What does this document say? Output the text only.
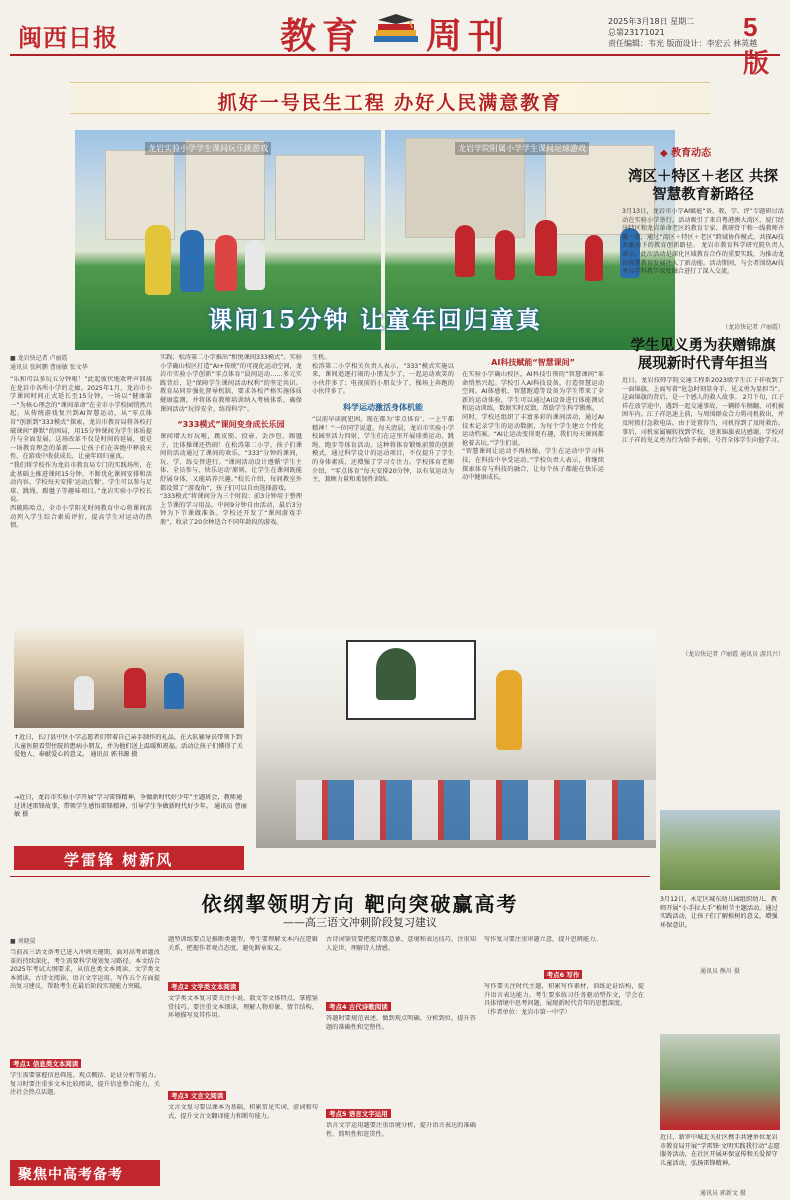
闽西日报	教育 周刊	2025年3月18日 星期二
总第23171021
责任编辑：韦光 版面设计：李宏云 林英越
5版
抓好一号民生工程 办好人民满意教育
龙岩实验小学学生课间玩乐跳游戏	龙岩学院附属小学学生课间足球游戏
课间15分钟 让童年回归童真
◆ 教育动态
湾区＋特区＋老区 共探智慧教育新路径
3月13日，龙岩市小学AI赋能“备、教、学、评”专题研讨活动在实验小学举行。活动吸引了来自粤港澳大湾区、厦门经济特区和龙岩革命老区的教育专家、教研骨干和一线教师齐聚一堂，通过“湾区＋特区＋老区”跨域协作模式，共探AI技术驱动下的教育创新路径。 龙岩市教育科学研究院负责人表示，此次活动是深化区域教育合作的重要实践，为推动龙岩智慧教育发展注入了新动能。活动期间，与会者围绕AI技术与学科教学深度融合进行了深入交流。
（龙岩快记者 卢丽霞）
学生见义勇为获赠锦旗 展现新时代青年担当
近日，龙岩技师学院交通工程系2023级学生江子祥收到了一面锦旗，上面写着“危急时刻显身手，见义勇为显担当”。这面锦旗的背后，是一个感人的救人故事。 2月下旬，江子祥在放学途中，遇到一起交通事故，一辆轿车侧翻，司机被困车内。江子祥迅速上前，与周围群众合力将司机救出，并及时拨打急救电话。由于处置得当，司机得到了及时救治。 事后，司机家属辗转找到学校，送来锦旗表达感谢。学校对江子祥的见义勇为行为给予表彰，号召全体学生向他学习。
（龙岩快记者 卢丽霞 通讯员 游昌兴）
3月12日，永定区城东幼儿园组织幼儿、教师开展“小手拉大手”植树节主题活动。通过实践活动，让孩子们了解植树的意义，增强环保意识。
通讯员 熊川 摄
近日，新罗中城北关社区携手共建单位龙岩市教育局开展“学雷锋·文明实践我行动”志愿服务活动，在社区开展环保宣传和关爱留守儿童活动，弘扬雷锋精神。
通讯员 郭新文 摄
■ 龙岩快记者 卢丽霞
通讯员 张阿鹏 曹丽敏 张文华
“乐和可以多玩五分钟啦！”此起彼伏地欢呼声回荡在龙岩市各所小学的走廊。2025年1月，龙岩市小学课间时间正式延长至15分钟。一场以“健康第一”为核心理念的“课间革命”在全市小学校园悄然兴起。从传统游戏复兴到AI智慧运动，从“零点体育”创新到“333模式”探索，龙岩市教育局将各校打破课间“静默”的困局，用15分钟课间为学生体质提升与全面发展。这场改革不仅是时间的延展，更是一场教育理念的革新——让孩子们在奔跑中释放天性，在游戏中收获成长，让童年回归童真。
“我们将学校作为龙岩市教育局专门的实践场所，在此基础上推进课间15分钟，不断优化课间安排和活动内容。学校每天安排‘运动点餐’，学生可以参与足球、跳绳、踢毽子等趣味项目。”龙岩实验小学校长说。
西陂陈哈点，全市小学阳光时间教育中心将课间活动列入学生综合素质评价，提高学生对运动的热情。
实践；松涛第二小学推出“和悦课间333模式”。实验小学确山校区打造“AI+传统”的可视化运动空间，龙岩市实验小学创新“零点体育”晨间运动……多元实践背后，是“保障学生课间活动权利”的坚定共识。教育局同步强化督导机制，要求各校严格实施体质健康监测，并将体育教师培训纳入考核体系，确保课间活动“玩得安全、练得科学”。
“333模式”课间变身成长乐园
课间增大好玩啦，跳皮筋、投壶、丢沙包、踢毽子，比体操课还热闹！在松涛第二小学，孩子们课间的活动通过了课间的欢乐。“333”分钟的课间，玩、学、练交替进行。“课间活动设计遵循‘学生主体、全员参与、快乐运动’原则，让学生在课间既能舒展身体，又能培养兴趣。”校长介绍，每间教室外都设置了“游戏角”，孩子们可以自由选择游戏。
“333模式”将课间分为三个时段：前3分钟用于整理上节课的学习用品，中间9分钟自由活动，最后3分钟为下节课做准备。学校还开发了“课间游戏手册”，收录了20余种适合不同年龄段的游戏。
生机。
松涛第二小学相关负责人表示，“333”模式实施以来，课间追逐打闹的小朋友少了，一起运动欢笑的小伙伴多了；电视前的小朋友少了，操场上奔跑的小伙伴多了。
科学运动激活身体机能
“以前早读就犯困，现在都为‘零点体育’，一上午都精神！”一位同学说道。每天清晨，龙岩市实验小学校园里活力四射，学生们在这里开展球类运动、跳绳、跑步等体育活动。这种将体育锻炼前置的创新模式，通过科学设计的运动项目，不仅提升了学生的身体素质，还增强了学习专注力。学校体育老师介绍，“零点体育”每天安排20分钟，以有氧运动为主，兼顾力量和柔韧性训练。
AI科技赋能“智慧课间”
在实验小学确山校区，AI科技引领的“智慧课间”革命悄然兴起。学校引入AI科技设备，打造智慧运动空间。AI体感机、智慧跑道等设备为学生带来了全新的运动体验，学生可以通过AI设备进行体能测试和运动训练，数据实时反馈，帮助学生科学锻炼。
同时，学校还组织了丰富多彩的课间活动，通过AI技术记录学生的运动数据，为每个学生建立个性化运动档案。“AI让运动变得更有趣，我们每天课间都抢着去玩。”学生们说。
“智慧课间让运动不再枯燥，学生在运动中学习科技，在科技中享受运动。”学校负责人表示，将继续探索体育与科技的融合，让每个孩子都能在快乐运动中健康成长。
↑近日，长汀县中区小学志愿者们带着自己亲手制作的礼品，在大队辅导员带领下到儿童医院看望住院的患病小朋友，并为他们送上温暖和祝福。活动让孩子们懂得了关爱他人、奉献爱心的意义。 通讯员 郭书源 摄
→近日，龙岩市实验小学开展“学习雷锋精神，争做新时代好少年”主题班会，教师通过讲述雷锋故事，带领学生感悟雷锋精神，引导学生争做新时代好少年。 通讯员 曹丽敏 摄
学雷锋 树新风
依纲挈领明方向 靶向突破赢高考
——高三语文冲刺阶段复习建议
■ 刘晓晏
当前高三语文备考已进入冲刺关键期，面对高考命题改革的持续深化，考生需要科学规划复习路径。本文结合2025年考试大纲要求，从信息类文本阅读、文学类文本阅读、古诗文阅读、语言文字运用、写作五个方面提出复习建议，帮助考生在最后阶段实现能力突破。
考点1 信息类文本阅读
学生需要掌握信息筛选、观点概括、论证分析等能力。复习时要注重多文本比较阅读，提升信息整合能力，关注社会热点话题。
聚焦中高考备考
题型训练要点是推断类题型。考生要理解文本内在逻辑关系，把握作者观点态度，避免断章取义。
考点2 文学类文本阅读
文学类文本复习要关注小说、散文等文体特点，掌握鉴赏技巧。要注重文本细读，理解人物形象、情节结构、环境描写及其作用。
考点3 文言文阅读
文言文复习要以课本为基础，积累常见实词、虚词和句式，提升文言文翻译能力和断句能力。
古诗词鉴赏要把握诗歌意象、意境和表达技巧，注重知人论世，理解诗人情感。
考点4 古代诗歌阅读
答题时要规范表述，做到观点明确、分析到位，提升答题的准确性和完整性。
考点5 语言文字运用
语言文字运用题要注重语境分析，提升语言表达的准确性、简明性和连贯性。
写作复习要注重审题立意，提升思辨能力。
考点6 写作
写作要关注时代主题，积累写作素材，训练论证结构，提升语言表达能力。考生要多练习任务驱动型作文，学会在具体情境中思考问题，展现新时代青年的思想深度。
（作者单位：龙岩市第一中学）
